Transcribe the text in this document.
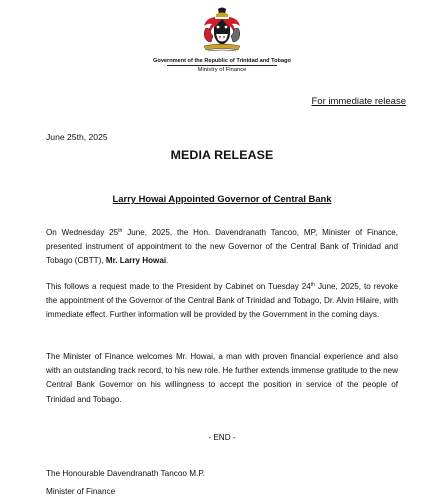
Government of the Republic of Trinidad and Tobago
Ministry of Finance
For immediate release
June 25th, 2025
MEDIA RELEASE
Larry Howai Appointed Governor of Central Bank

On Wednesday 25th June, 2025, the Hon. Davendranath Tancoo, MP, Minister of Finance, presented instrument of appointment to the new Governor of the Central Bank of Trinidad and Tobago (CBTT), Mr. Larry Howai.

This follows a request made to the President by Cabinet on Tuesday 24th June, 2025, to revoke the appointment of the Governor of the Central Bank of Trinidad and Tobago, Dr. Alvin Hilaire, with immediate effect. Further information will be provided by the Government in the coming days.

The Minister of Finance welcomes Mr. Howai, a man with proven financial experience and also with an outstanding track record, to his new role. He further extends immense gratitude to the new Central Bank Governor on his willingness to accept the position in service of the people of Trinidad and Tobago.

- END -
The Honourable Davendranath Tancoo M.P.
Minister of Finance
